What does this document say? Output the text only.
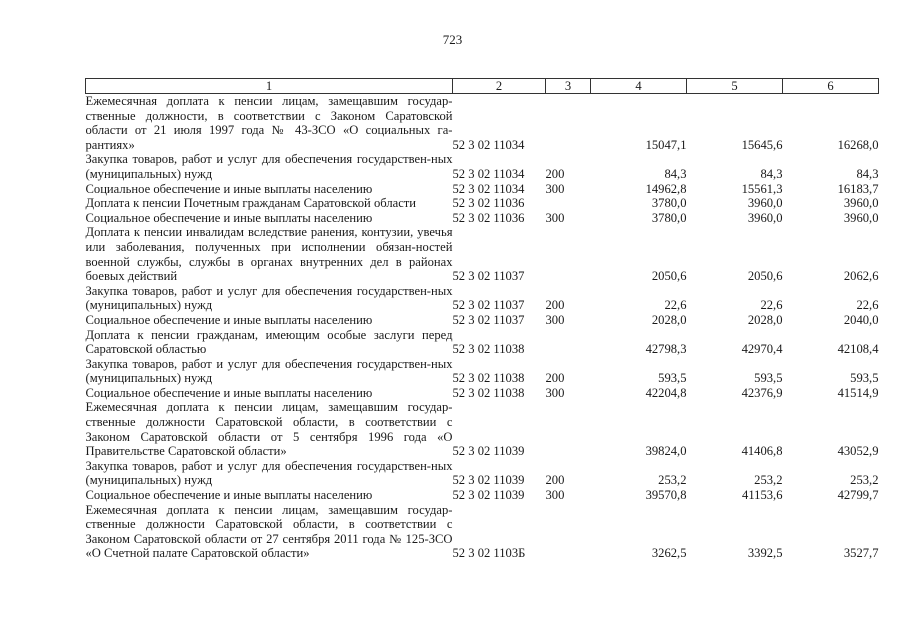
723
1	2	3	4	5	6
Ежемесячная доплата к пенсии лицам, замещавшим государ-ственные должности, в соответствии с Законом Саратовской области от 21 июля 1997 года № 43-ЗСО «О социальных га-рантиях»	52 3 02 11034		15047,1	15645,6	16268,0
Закупка товаров, работ и услуг для обеспечения государствен-ных (муниципальных) нужд	52 3 02 11034	200	84,3	84,3	84,3
Социальное обеспечение и иные выплаты населению	52 3 02 11034	300	14962,8	15561,3	16183,7
Доплата к пенсии Почетным гражданам Саратовской области	52 3 02 11036		3780,0	3960,0	3960,0
Социальное обеспечение и иные выплаты населению	52 3 02 11036	300	3780,0	3960,0	3960,0
Доплата к пенсии инвалидам вследствие ранения, контузии, увечья или заболевания, полученных при исполнении обязан-ностей военной службы, службы в органах внутренних дел в районах боевых действий	52 3 02 11037		2050,6	2050,6	2062,6
Закупка товаров, работ и услуг для обеспечения государствен-ных (муниципальных) нужд	52 3 02 11037	200	22,6	22,6	22,6
Социальное обеспечение и иные выплаты населению	52 3 02 11037	300	2028,0	2028,0	2040,0
Доплата к пенсии гражданам, имеющим особые заслуги перед Саратовской областью	52 3 02 11038		42798,3	42970,4	42108,4
Закупка товаров, работ и услуг для обеспечения государствен-ных (муниципальных) нужд	52 3 02 11038	200	593,5	593,5	593,5
Социальное обеспечение и иные выплаты населению	52 3 02 11038	300	42204,8	42376,9	41514,9
Ежемесячная доплата к пенсии лицам, замещавшим государ-ственные должности Саратовской области, в соответствии с Законом Саратовской области от 5 сентября 1996 года «О Правительстве Саратовской области»	52 3 02 11039		39824,0	41406,8	43052,9
Закупка товаров, работ и услуг для обеспечения государствен-ных (муниципальных) нужд	52 3 02 11039	200	253,2	253,2	253,2
Социальное обеспечение и иные выплаты населению	52 3 02 11039	300	39570,8	41153,6	42799,7
Ежемесячная доплата к пенсии лицам, замещавшим государ-ственные должности Саратовской области, в соответствии с Законом Саратовской области от 27 сентября 2011 года № 125-ЗСО «О Счетной палате Саратовской области»	52 3 02 1103Б		3262,5	3392,5	3527,7
